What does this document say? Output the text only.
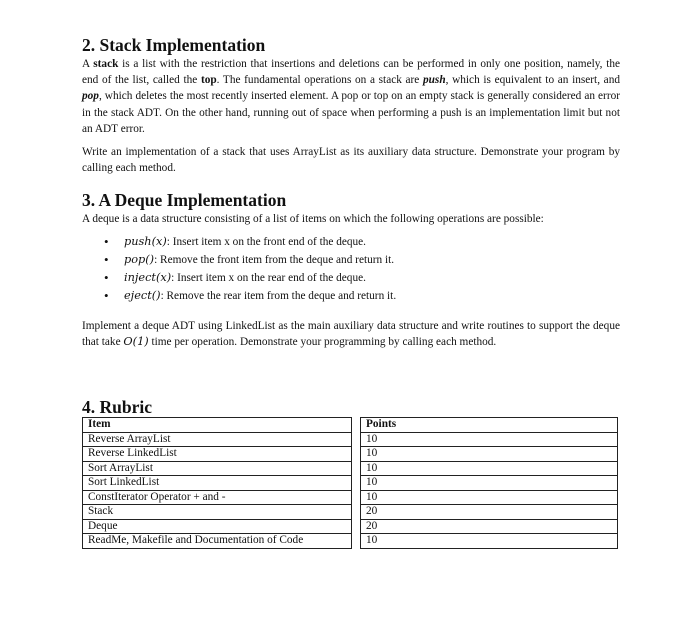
2. Stack Implementation

A stack is a list with the restriction that insertions and deletions can be performed in only one position, namely, the end of the list, called the top. The fundamental operations on a stack are push, which is equivalent to an insert, and pop, which deletes the most recently inserted element. A pop or top on an empty stack is generally considered an error in the stack ADT. On the other hand, running out of space when performing a push is an implementation limit but not an ADT error.

Write an implementation of a stack that uses ArrayList as its auxiliary data structure. Demonstrate your program by calling each method.

3. A Deque Implementation

A deque is a data structure consisting of a list of items on which the following operations are possible:

• push(x): Insert item x on the front end of the deque.
• pop(): Remove the front item from the deque and return it.
• inject(x): Insert item x on the rear end of the deque.
• eject(): Remove the rear item from the deque and return it.

Implement a deque ADT using LinkedList as the main auxiliary data structure and write routines to support the deque that take O(1) time per operation. Demonstrate your programming by calling each method.

4. Rubric
Item		Points
Reverse ArrayList		10
Reverse LinkedList		10
Sort ArrayList		10
Sort LinkedList		10
ConstIterator Operator + and -		10
Stack		20
Deque		20
ReadMe, Makefile and Documentation of Code		10
